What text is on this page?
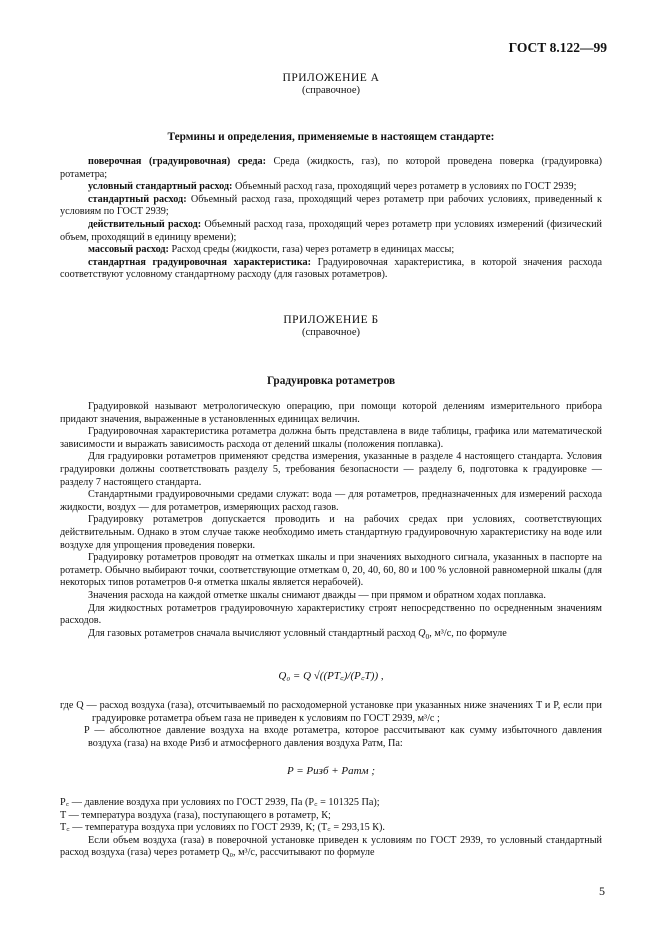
ГОСТ 8.122—99
ПРИЛОЖЕНИЕ А
(справочное)
Термины и определения, применяемые в настоящем стандарте:

поверочная (градуировочная) среда: Среда (жидкость, газ), по которой проведена поверка (градуировка) ротаметра;

условный стандартный расход: Объемный расход газа, проходящий через ротаметр в условиях по ГОСТ 2939;

стандартный расход: Объемный расход газа, проходящий через ротаметр при рабочих условиях, приведенный к условиям по ГОСТ 2939;

действительный расход: Объемный расход газа, проходящий через ротаметр при условиях измерений (физический объем, проходящий в единицу времени);

массовый расход: Расход среды (жидкости, газа) через ротаметр в единицах массы;

стандартная градуировочная характеристика: Градуировочная характеристика, в которой значения расхода соответствуют условному стандартному расходу (для газовых ротаметров).

ПРИЛОЖЕНИЕ Б
(справочное)
Градуировка ротаметров

Градуировкой называют метрологическую операцию, при помощи которой делениям измерительного прибора придают значения, выраженные в установленных единицах величин.

Градуировочная характеристика ротаметра должна быть представлена в виде таблицы, графика или математической зависимости и выражать зависимость расхода от делений шкалы (положения поплавка).

Для градуировки ротаметров применяют средства измерения, указанные в разделе 4 настоящего стандарта. Условия градуировки должны соответствовать разделу 5, требования безопасности — разделу 6, подготовка к градуировке — разделу 7 настоящего стандарта.

Стандартными градуировочными средами служат: вода — для ротаметров, предназначенных для измерений расхода жидкости, воздух — для ротаметров, измеряющих расход газов.

Градуировку ротаметров допускается проводить и на рабочих средах при условиях, соответствующих действительным. Однако в этом случае также необходимо иметь стандартную градуировочную характеристику на воде или воздухе для упрощения проведения поверки.

Градуировку ротаметров проводят на отметках шкалы и при значениях выходного сигнала, указанных в паспорте на ротаметр. Обычно выбирают точки, соответствующие отметкам 0, 20, 40, 60, 80 и 100 % условной равномерной шкалы (для некоторых типов ротаметров 0-я отметка шкалы является нерабочей).

Значения расхода на каждой отметке шкалы снимают дважды — при прямом и обратном ходах поплавка.

Для жидкостных ротаметров градуировочную характеристику строят непосредственно по осредненным значениям расходов.

Для газовых ротаметров сначала вычисляют условный стандартный расход $Q_0$, м³/с, по формуле

Q₀ = Q √((PT꜀)/(P꜀T)) ,
где Q — расход воздуха (газа), отсчитываемый по расходомерной установке при указанных ниже значениях T и P, если при градуировке ротаметра объем газа не приведен к условиям по ГОСТ 2939, м³/с ;
P — абсолютное давление воздуха на входе ротаметра, которое рассчитывают как сумму избыточного давления воздуха (газа) на входе Pизб и атмосферного давления воздуха Pатм, Па:
P = Pизб + Pатм ;
P꜀ — давление воздуха при условиях по ГОСТ 2939, Па (P꜀ = 101325 Па);
T — температура воздуха (газа), поступающего в ротаметр, К;
T꜀ — температура воздуха при условиях по ГОСТ 2939, К; (T꜀ = 293,15 К).

Если объем воздуха (газа) в поверочной установке приведен к условиям по ГОСТ 2939, то условный стандартный расход воздуха (газа) через ротаметр Q₀, м³/с, рассчитывают по формуле

5
